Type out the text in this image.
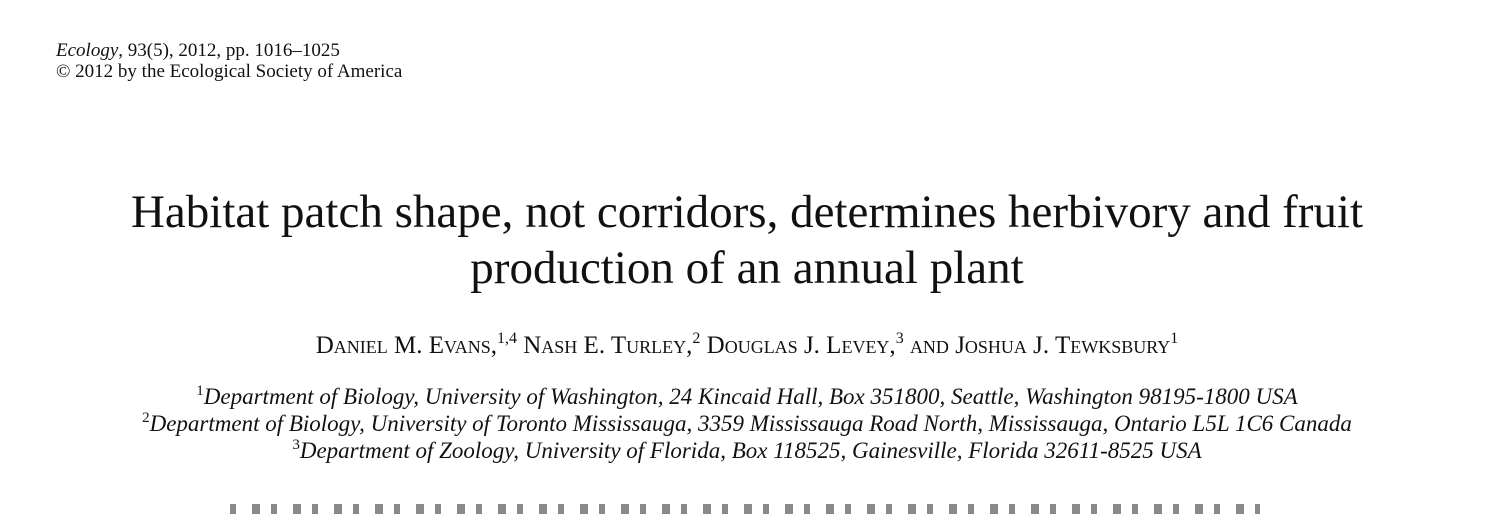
Ecology, 93(5), 2012, pp. 1016–1025
© 2012 by the Ecological Society of America
Habitat patch shape, not corridors, determines herbivory and fruit
production of an annual plant
Daniel M. Evans,$^{1,4}$ Nash E. Turley,$^2$ Douglas J. Levey,$^3$ and Joshua J. Tewksbury$^1$
$^1$Department of Biology, University of Washington, 24 Kincaid Hall, Box 351800, Seattle, Washington 98195-1800 USA
$^2$Department of Biology, University of Toronto Mississauga, 3359 Mississauga Road North, Mississauga, Ontario L5L 1C6 Canada
$^3$Department of Zoology, University of Florida, Box 118525, Gainesville, Florida 32611-8525 USA
